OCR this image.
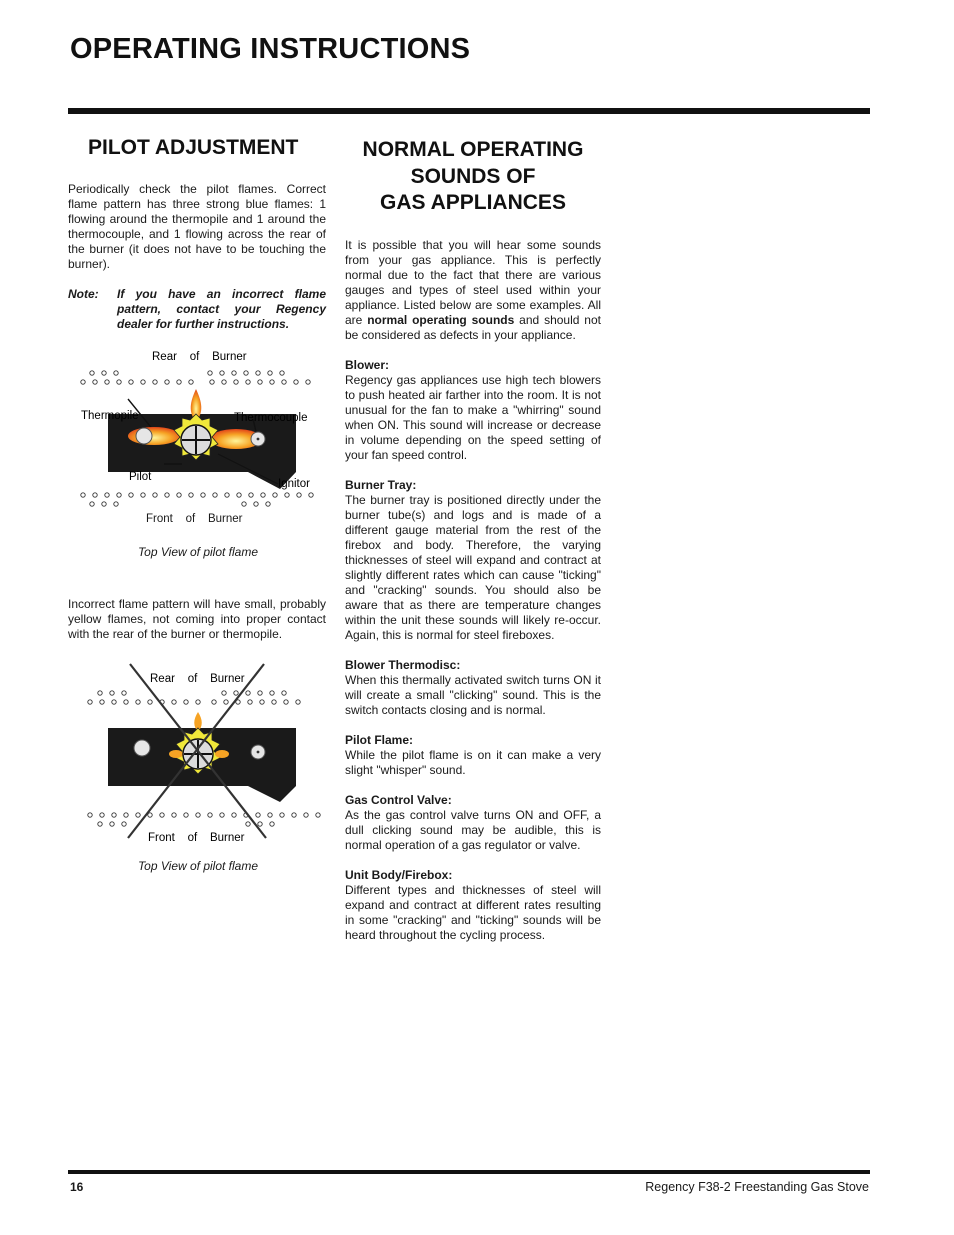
OPERATING INSTRUCTIONS
PILOT ADJUSTMENT

Periodically check the pilot flames. Correct flame pattern has three strong blue flames: 1 flowing around the thermopile and 1 around the thermocouple, and 1 flowing across the rear of the burner (it does not have to be touching the burner).

Note:	If you have an incorrect flame pattern, contact your Regency dealer for further instructions.
Rear    of    Burner
Thermopile	Thermocouple
Pilot
Ignitor
Front    of    Burner
Top View of pilot flame

Incorrect flame pattern will have small, probably yellow flames, not coming into proper contact with the rear of the burner or thermopile.

Rear    of    Burner
Front    of    Burner
Top View of pilot flame
NORMAL OPERATING
SOUNDS OF
GAS APPLIANCES

It is possible that you will hear some sounds from your gas appliance. This is perfectly normal due to the fact that there are various gauges and types of steel used within your appliance. Listed below are some examples. All are normal operating sounds and should not be considered as defects in your appliance.

Blower:

Regency gas appliances use high tech blowers to push heated air farther into the room. It is not unusual for the fan to make a "whirring" sound when ON. This sound will increase or decrease in volume depending on the speed setting of your fan speed control.

Burner Tray:

The burner tray is positioned directly under the burner tube(s) and logs and is made of a different gauge material from the rest of the firebox and body. Therefore, the varying thicknesses of steel will expand and contract at slightly different rates which can cause "ticking" and "cracking" sounds. You should also be aware that as there are temperature changes within the unit these sounds will likely re-occur. Again, this is normal for steel fireboxes.

Blower Thermodisc:

When this thermally activated switch turns ON it will create a small "clicking" sound. This is the switch contacts closing and is normal.

Pilot Flame:

While the pilot flame is on it can make a very slight "whisper" sound.

Gas Control Valve:

As the gas control valve turns ON and OFF, a dull clicking sound may be audible, this is normal operation of a gas regulator or valve.

Unit Body/Firebox:

Different types and thicknesses of steel will expand and contract at different rates resulting in some "cracking" and "ticking" sounds will be heard throughout the cycling process.

16	Regency F38-2 Freestanding Gas Stove
